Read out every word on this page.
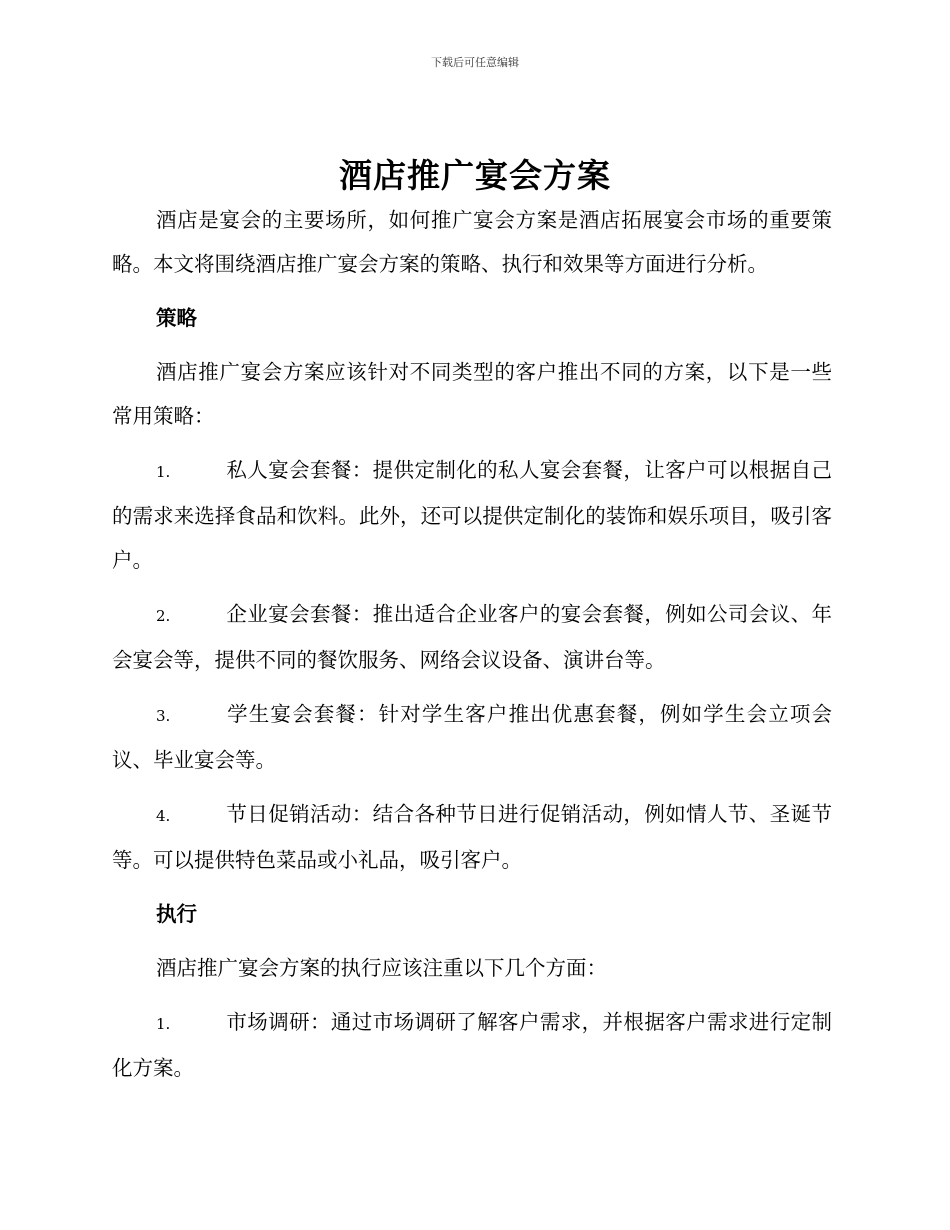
下载后可任意编辑
酒店推广宴会方案

酒店是宴会的主要场所，如何推广宴会方案是酒店拓展宴会市场的重要策略。本文将围绕酒店推广宴会方案的策略、执行和效果等方面进行分析。

策略

酒店推广宴会方案应该针对不同类型的客户推出不同的方案，以下是一些常用策略：

1.	私人宴会套餐：提供定制化的私人宴会套餐，让客户可以根据自己的需求来选择食品和饮料。此外，还可以提供定制化的装饰和娱乐项目，吸引客户。

2.	企业宴会套餐：推出适合企业客户的宴会套餐，例如公司会议、年会宴会等，提供不同的餐饮服务、网络会议设备、演讲台等。

3.	学生宴会套餐：针对学生客户推出优惠套餐，例如学生会立项会议、毕业宴会等。

4.	节日促销活动：结合各种节日进行促销活动，例如情人节、圣诞节等。可以提供特色菜品或小礼品，吸引客户。

执行

酒店推广宴会方案的执行应该注重以下几个方面：

1.	市场调研：通过市场调研了解客户需求，并根据客户需求进行定制化方案。
